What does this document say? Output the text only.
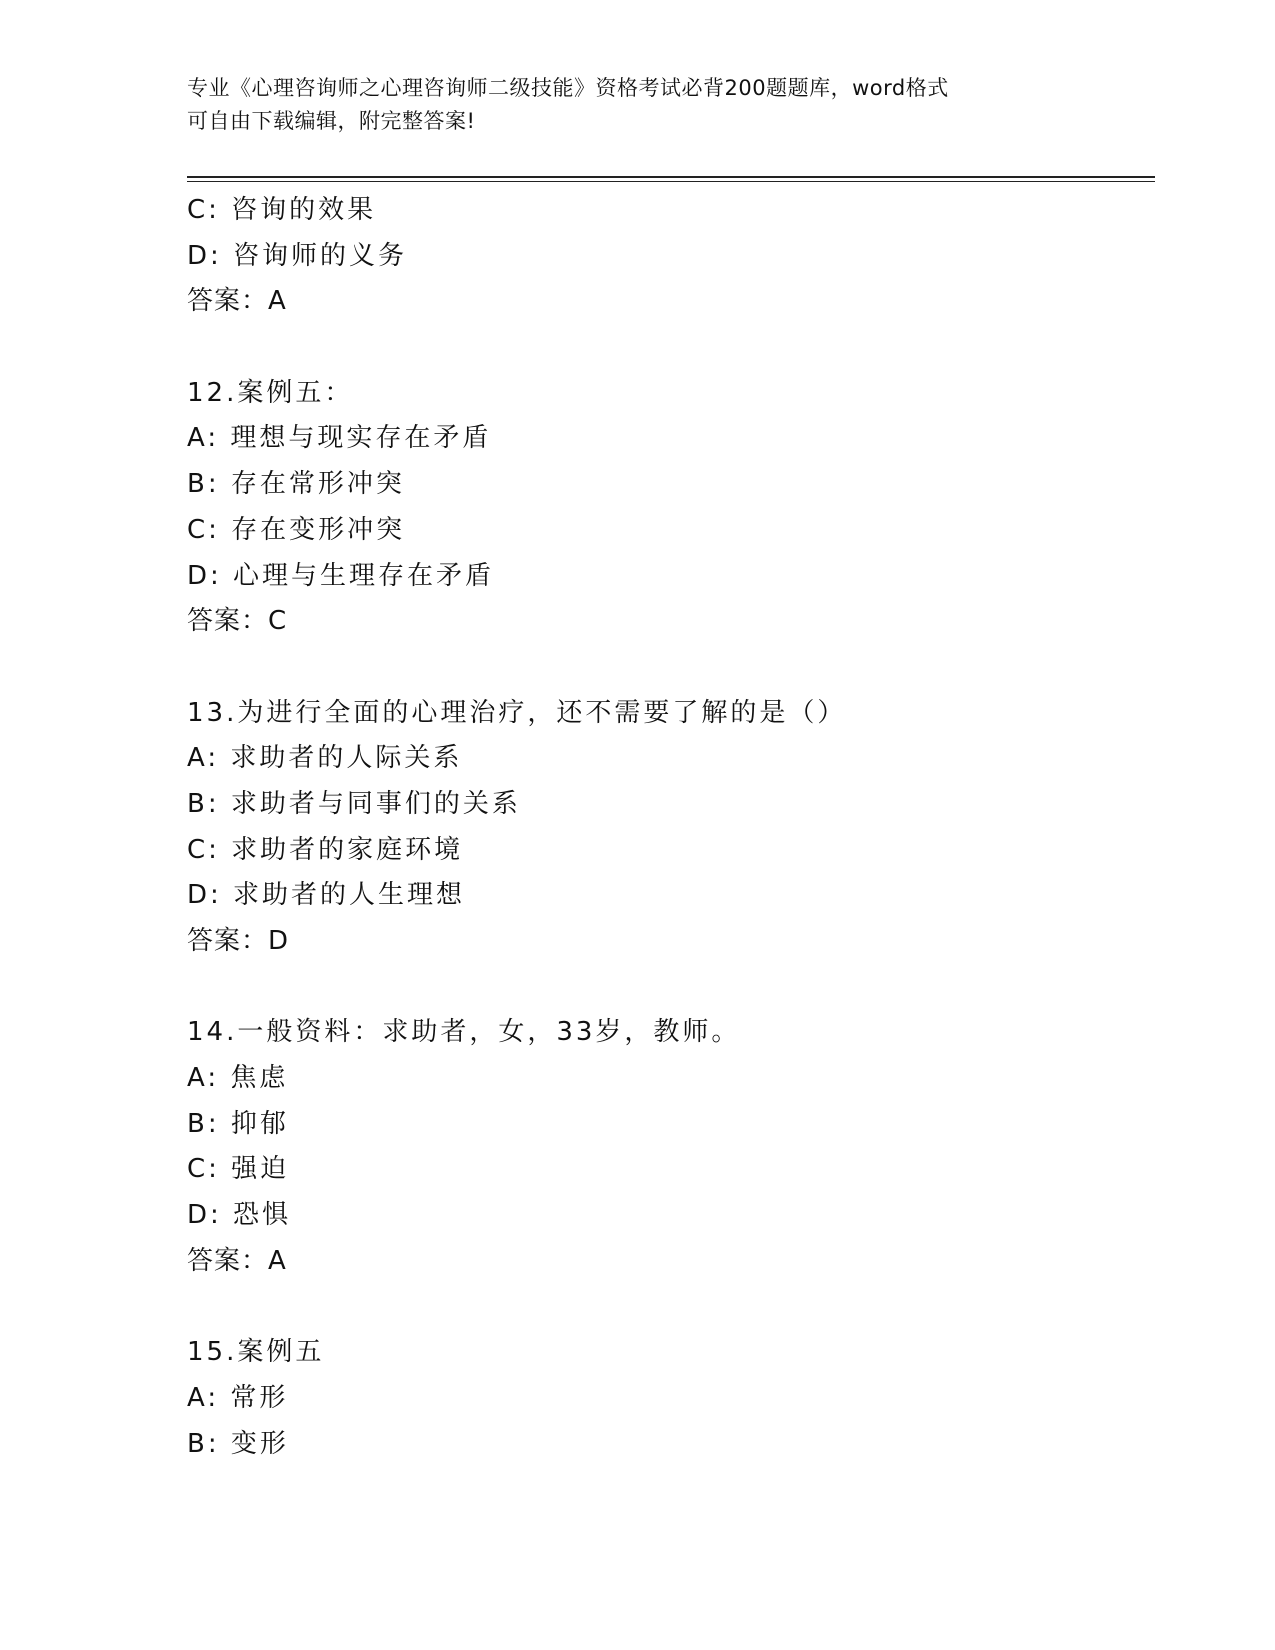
专业《心理咨询师之心理咨询师二级技能》资格考试必背200题题库，word格式
可自由下载编辑，附完整答案!
C: 咨询的效果
D: 咨询师的义务
答案：A
12.案例五：
A: 理想与现实存在矛盾
B: 存在常形冲突
C: 存在变形冲突
D: 心理与生理存在矛盾
答案：C
13.为进行全面的心理治疗，还不需要了解的是（）
A: 求助者的人际关系
B: 求助者与同事们的关系
C: 求助者的家庭环境
D: 求助者的人生理想
答案：D
14.一般资料：求助者，女，33岁，教师。
A: 焦虑
B: 抑郁
C: 强迫
D: 恐惧
答案：A
15.案例五
A: 常形
B: 变形
